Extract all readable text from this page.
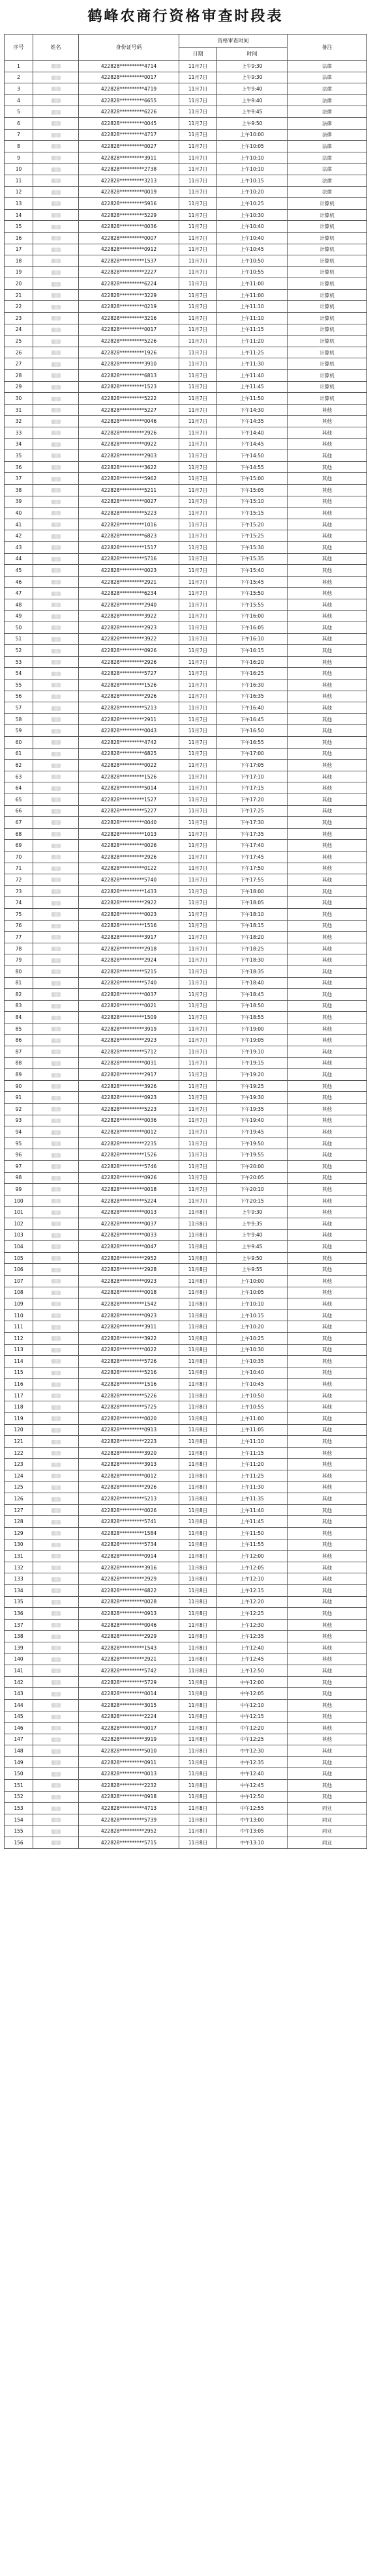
鹤峰农商行资格审查时段表
序号	姓名	身份证号码	资格审查时间		备注
			日期	时间	
1		422828**********4714	11月7日	上午9:30	法律
2		422828**********0017	11月7日	上午9:30	法律
3		422828**********4719	11月7日	上午9:40	法律
4		422828**********6655	11月7日	上午9:40	法律
5		422828**********6226	11月7日	上午9:45	法律
6		422828**********0045	11月7日	上午9:50	法律
7		422828**********4717	11月7日	上午10:00	法律
8		422828**********0027	11月7日	上午10:05	法律
9		422828**********3911	11月7日	上午10:10	法律
10		422828**********2738	11月7日	上午10:10	法律
11		422828**********3213	11月7日	上午10:15	法律
12		422828**********0019	11月7日	上午10:20	法律
13		422828**********5916	11月7日	上午10:25	计算机
14		422828**********5229	11月7日	上午10:30	计算机
15		422828**********0036	11月7日	上午10:40	计算机
16		422828**********0007	11月7日	上午10:40	计算机
17		422828**********0912	11月7日	上午10:45	计算机
18		422828**********1537	11月7日	上午10:50	计算机
19		422828**********2227	11月7日	上午10:55	计算机
20		422828**********6224	11月7日	上午11:00	计算机
21		422828**********3229	11月7日	上午11:00	计算机
22		422828**********0219	11月7日	上午11:10	计算机
23		422828**********3216	11月7日	上午11:10	计算机
24		422828**********0017	11月7日	上午11:15	计算机
25		422828**********5226	11月7日	上午11:20	计算机
26		422828**********1926	11月7日	上午11:25	计算机
27		422828**********3910	11月7日	上午11:30	计算机
28		422828**********6813	11月7日	上午11:40	计算机
29		422828**********1523	11月7日	上午11:45	计算机
30		422828**********5222	11月7日	上午11:50	计算机
31		422828**********5227	11月7日	下午14:30	其他
32		422828**********0046	11月7日	下午14:35	其他
33		422828**********2926	11月7日	下午14:40	其他
34		422828**********0922	11月7日	下午14:45	其他
35		422828**********2903	11月7日	下午14:50	其他
36		422828**********3622	11月7日	下午14:55	其他
37		422828**********5962	11月7日	下午15:00	其他
38		422828**********5211	11月7日	下午15:05	其他
39		422828**********0027	11月7日	下午15:10	其他
40		422828**********5223	11月7日	下午15:15	其他
41		422828**********1016	11月7日	下午15:20	其他
42		422828**********6823	11月7日	下午15:25	其他
43		422828**********1517	11月7日	下午15:30	其他
44		422828**********5716	11月7日	下午15:35	其他
45		422828**********0023	11月7日	下午15:40	其他
46		422828**********2921	11月7日	下午15:45	其他
47		422828**********6234	11月7日	下午15:50	其他
48		422828**********2940	11月7日	下午15:55	其他
49		422828**********3922	11月7日	下午16:00	其他
50		422828**********2923	11月7日	下午16:05	其他
51		422828**********3922	11月7日	下午16:10	其他
52		422828**********0926	11月7日	下午16:15	其他
53		422828**********2926	11月7日	下午16:20	其他
54		422828**********5727	11月7日	下午16:25	其他
55		422828**********1526	11月7日	下午16:30	其他
56		422828**********2926	11月7日	下午16:35	其他
57		422828**********5213	11月7日	下午16:40	其他
58		422828**********2911	11月7日	下午16:45	其他
59		422828**********0043	11月7日	下午16:50	其他
60		422828**********4742	11月7日	下午16:55	其他
61		422828**********6825	11月7日	下午17:00	其他
62		422828**********0022	11月7日	下午17:05	其他
63		422828**********1526	11月7日	下午17:10	其他
64		422828**********5014	11月7日	下午17:15	其他
65		422828**********1527	11月7日	下午17:20	其他
66		422828**********5227	11月7日	下午17:25	其他
67		422828**********0040	11月7日	下午17:30	其他
68		422828**********1013	11月7日	下午17:35	其他
69		422828**********0026	11月7日	下午17:40	其他
70		422828**********2926	11月7日	下午17:45	其他
71		422828**********0122	11月7日	下午17:50	其他
72		422828**********5740	11月7日	下午17:55	其他
73		422828**********1433	11月7日	下午18:00	其他
74		422828**********2922	11月7日	下午18:05	其他
75		422828**********0023	11月7日	下午18:10	其他
76		422828**********1516	11月7日	下午18:15	其他
77		422828**********3917	11月7日	下午18:20	其他
78		422828**********2918	11月7日	下午18:25	其他
79		422828**********2924	11月7日	下午18:30	其他
80		422828**********5215	11月7日	下午18:35	其他
81		422828**********5740	11月7日	下午18:40	其他
82		422828**********0037	11月7日	下午18:45	其他
83		422828**********0021	11月7日	下午18:50	其他
84		422828**********1509	11月7日	下午18:55	其他
85		422828**********3919	11月7日	下午19:00	其他
86		422828**********2923	11月7日	下午19:05	其他
87		422828**********5712	11月7日	下午19:10	其他
88		422828**********0031	11月7日	下午19:15	其他
89		422828**********2917	11月7日	下午19:20	其他
90		422828**********3926	11月7日	下午19:25	其他
91		422828**********0923	11月7日	下午19:30	其他
92		422828**********5223	11月7日	下午19:35	其他
93		422828**********0036	11月7日	下午19:40	其他
94		422828**********0012	11月7日	下午19:45	其他
95		422828**********2235	11月7日	下午19:50	其他
96		422828**********1526	11月7日	下午19:55	其他
97		422828**********5746	11月7日	下午20:00	其他
98		422828**********0926	11月7日	下午20:05	其他
99		422828**********0018	11月7日	下午20:10	其他
100		422828**********5224	11月7日	下午20:15	其他
101		422828**********0013	11月8日	上午9:30	其他
102		422828**********0037	11月8日	上午9:35	其他
103		422828**********0033	11月8日	上午9:40	其他
104		422828**********0047	11月8日	上午9:45	其他
105		422828**********2952	11月8日	上午9:50	其他
106		422828**********2928	11月8日	上午9:55	其他
107		422828**********0923	11月8日	上午10:00	其他
108		422828**********0018	11月8日	上午10:05	其他
109		422828**********1542	11月8日	上午10:10	其他
110		422828**********0923	11月8日	上午10:15	其他
111		422828**********3911	11月8日	上午10:20	其他
112		422828**********3922	11月8日	上午10:25	其他
113		422828**********0022	11月8日	上午10:30	其他
114		422828**********5726	11月8日	上午10:35	其他
115		422828**********5216	11月8日	上午10:40	其他
116		422828**********1516	11月8日	上午10:45	其他
117		422828**********5226	11月8日	上午10:50	其他
118		422828**********5725	11月8日	上午10:55	其他
119		422828**********0020	11月8日	上午11:00	其他
120		422828**********0913	11月8日	上午11:05	其他
121		422828**********2223	11月8日	上午11:10	其他
122		422828**********3920	11月8日	上午11:15	其他
123		422828**********3913	11月8日	上午11:20	其他
124		422828**********0012	11月8日	上午11:25	其他
125		422828**********2926	11月8日	上午11:30	其他
126		422828**********5213	11月8日	上午11:35	其他
127		422828**********0026	11月8日	上午11:40	其他
128		422828**********5741	11月8日	上午11:45	其他
129		422828**********1584	11月8日	上午11:50	其他
130		422828**********5734	11月8日	上午11:55	其他
131		422828**********0914	11月8日	上午12:00	其他
132		422828**********3916	11月8日	上午12:05	其他
133		422828**********2929	11月8日	上午12:10	其他
134		422828**********6822	11月8日	上午12:15	其他
135		422828**********0028	11月8日	上午12:20	其他
136		422828**********0913	11月8日	上午12:25	其他
137		422828**********0046	11月8日	上午12:30	其他
138		422828**********2929	11月8日	上午12:35	其他
139		422828**********1543	11月8日	上午12:40	其他
140		422828**********2921	11月8日	上午12:45	其他
141		422828**********5742	11月8日	上午12:50	其他
142		422828**********5729	11月8日	中午12:00	其他
143		422828**********0014	11月8日	中午12:05	其他
144		422828**********3015	11月8日	中午12:10	其他
145		422828**********2224	11月8日	中午12:15	其他
146		422828**********0017	11月8日	中午12:20	其他
147		422828**********3919	11月8日	中午12:25	其他
148		422828**********5010	11月8日	中午12:30	其他
149		422828**********0911	11月8日	中午12:35	其他
150		422828**********0013	11月8日	中午12:40	其他
151		422828**********2232	11月8日	中午12:45	其他
152		422828**********0918	11月8日	中午12:50	其他
153		422828**********4713	11月8日	中午12:55	同业
154		422828**********5739	11月8日	中午13:00	同业
155		422828**********2952	11月8日	中午13:05	同业
156		422828**********5715	11月8日	中午13:10	同业
